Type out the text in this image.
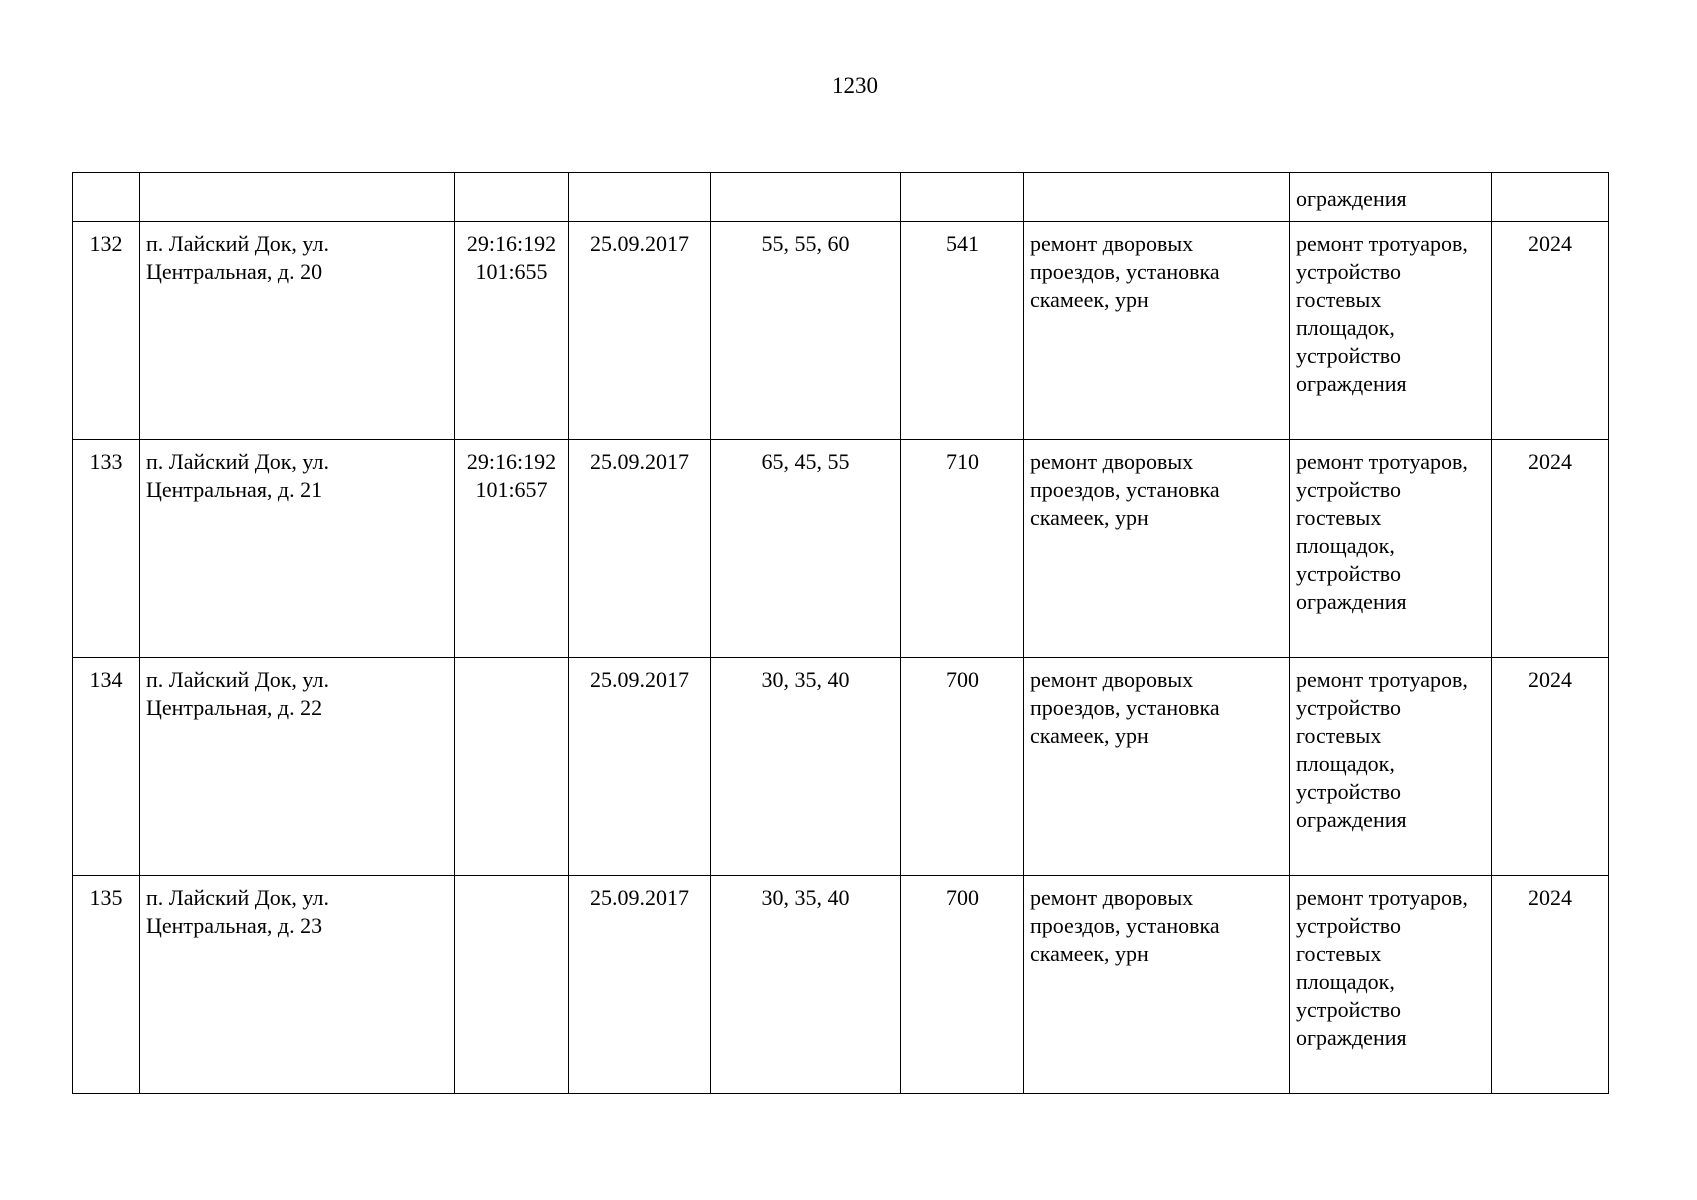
1230
							ограждения	
132	п. Лайский Док, ул. Центральная, д. 20	29:16:192 101:655	25.09.2017	55, 55, 60	541	ремонт дворовых проездов, установка скамеек, урн	ремонт тротуаров, устройство гостевых площадок, устройство ограждения	2024
133	п. Лайский Док, ул. Центральная, д. 21	29:16:192 101:657	25.09.2017	65, 45, 55	710	ремонт дворовых проездов, установка скамеек, урн	ремонт тротуаров, устройство гостевых площадок, устройство ограждения	2024
134	п. Лайский Док, ул. Центральная, д. 22		25.09.2017	30, 35, 40	700	ремонт дворовых проездов, установка скамеек, урн	ремонт тротуаров, устройство гостевых площадок, устройство ограждения	2024
135	п. Лайский Док, ул. Центральная, д. 23		25.09.2017	30, 35, 40	700	ремонт дворовых проездов, установка скамеек, урн	ремонт тротуаров, устройство гостевых площадок, устройство ограждения	2024
